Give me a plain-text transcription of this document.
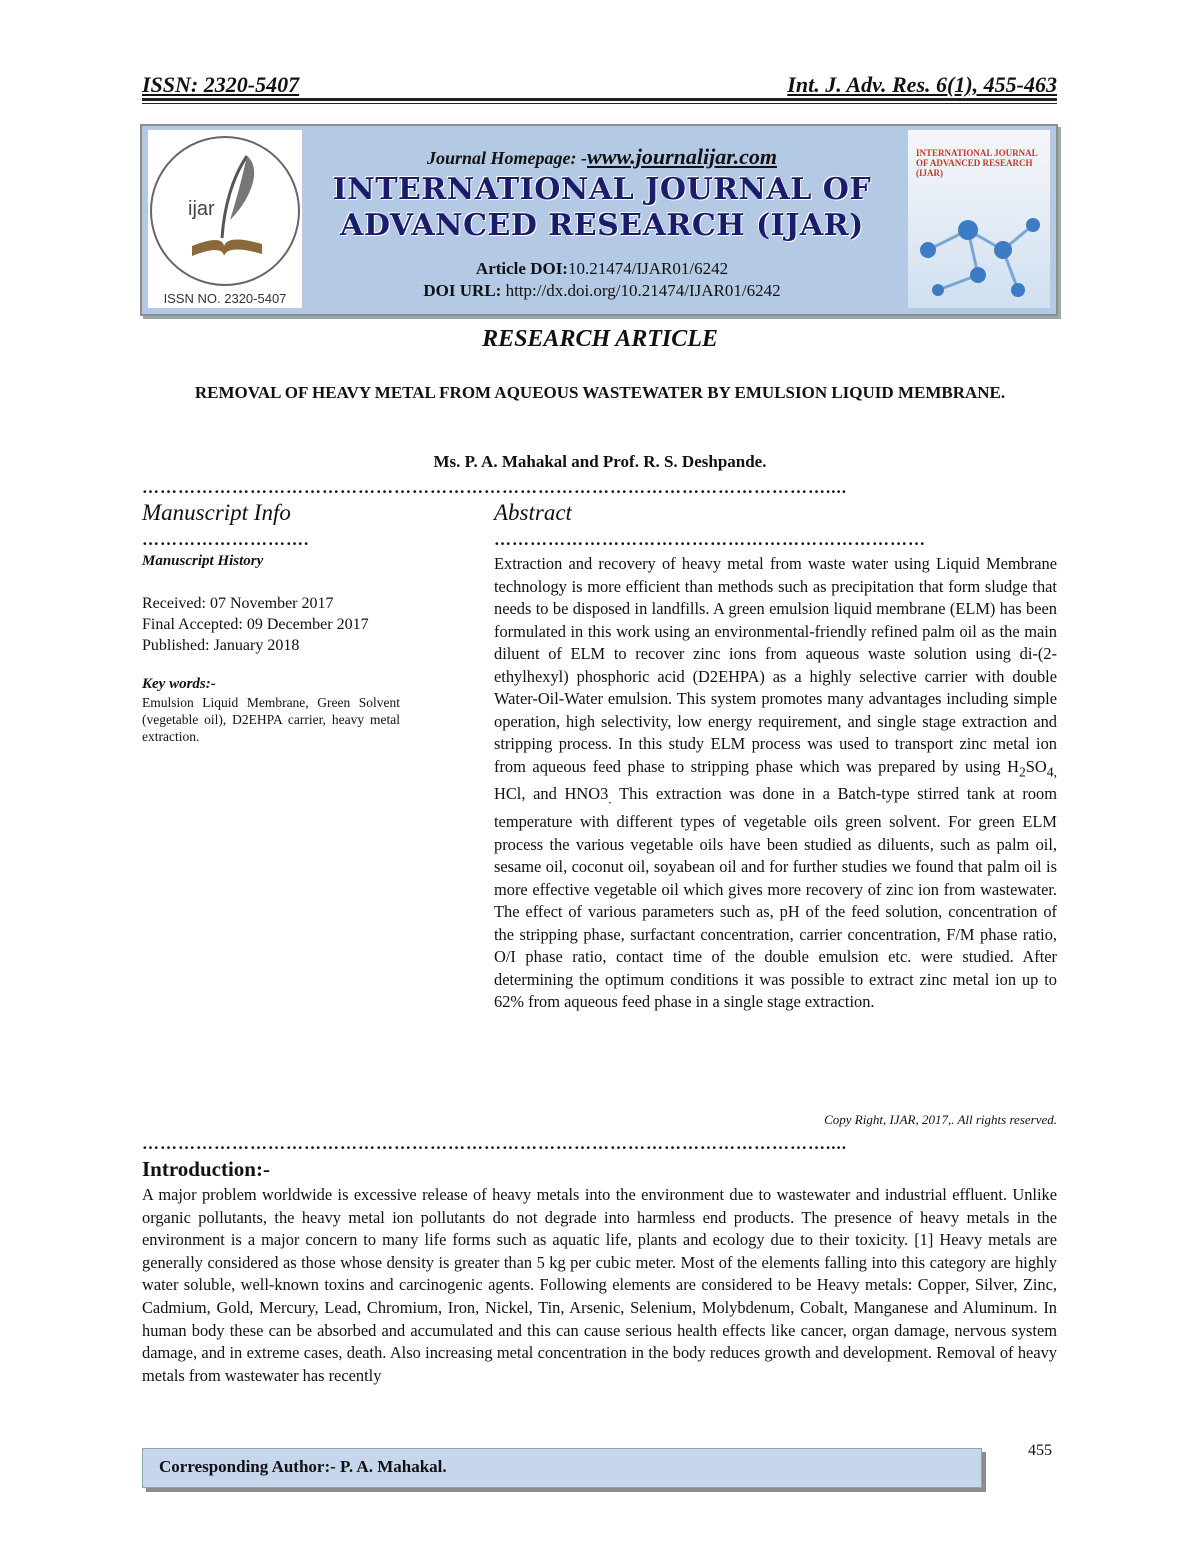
ISSN: 2320-5407	Int. J. Adv. Res. 6(1), 455-463
ijar
ISSN NO. 2320-5407
Journal Homepage: -www.journalijar.com
INTERNATIONAL JOURNAL OF
ADVANCED RESEARCH (IJAR)
Article DOI:10.21474/IJAR01/6242
DOI URL: http://dx.doi.org/10.21474/IJAR01/6242
INTERNATIONAL JOURNAL OF ADVANCED RESEARCH (IJAR)
RESEARCH ARTICLE
REMOVAL OF HEAVY METAL FROM AQUEOUS WASTEWATER BY EMULSION LIQUID MEMBRANE.
Ms. P. A. Mahakal and Prof. R. S. Deshpande.
……………………………………………………………………………………………………....
Manuscript Info	Abstract
……………………….	………………………………………………………………
Manuscript History
Received: 07 November 2017
Final Accepted: 09 December 2017
Published: January 2018
Key words:-
Emulsion Liquid Membrane, Green Solvent (vegetable oil), D2EHPA carrier, heavy metal extraction.
Extraction and recovery of heavy metal from waste water using Liquid Membrane technology is more efficient than methods such as precipitation that form sludge that needs to be disposed in landfills. A green emulsion liquid membrane (ELM) has been formulated in this work using an environmental-friendly refined palm oil as the main diluent of ELM to recover zinc ions from aqueous waste solution using di-(2-ethylhexyl) phosphoric acid (D2EHPA) as a highly selective carrier with double Water-Oil-Water emulsion. This system promotes many advantages including simple operation, high selectivity, low energy requirement, and single stage extraction and stripping process. In this study ELM process was used to transport zinc metal ion from aqueous feed phase to stripping phase which was prepared by using $H_2SO_{4,}$ HCl, and $HNO3_.$ This extraction was done in a Batch-type stirred tank at room temperature with different types of vegetable oils green solvent. For green ELM process the various vegetable oils have been studied as diluents, such as palm oil, sesame oil, coconut oil, soyabean oil and for further studies we found that palm oil is more effective vegetable oil which gives more recovery of zinc ion from wastewater. The effect of various parameters such as, pH of the feed solution, concentration of the stripping phase, surfactant concentration, carrier concentration, F/M phase ratio, O/I phase ratio, contact time of the double emulsion etc. were studied. After determining the optimum conditions it was possible to extract zinc metal ion up to 62% from aqueous feed phase in a single stage extraction.
Copy Right, IJAR, 2017,. All rights reserved.
……………………………………………………………………………………………………....
Introduction:-
A major problem worldwide is excessive release of heavy metals into the environment due to wastewater and industrial effluent. Unlike organic pollutants, the heavy metal ion pollutants do not degrade into harmless end products. The presence of heavy metals in the environment is a major concern to many life forms such as aquatic life, plants and ecology due to their toxicity. [1] Heavy metals are generally considered as those whose density is greater than 5 kg per cubic meter. Most of the elements falling into this category are highly water soluble, well-known toxins and carcinogenic agents. Following elements are considered to be Heavy metals: Copper, Silver, Zinc, Cadmium, Gold, Mercury, Lead, Chromium, Iron, Nickel, Tin, Arsenic, Selenium, Molybdenum, Cobalt, Manganese and Aluminum. In human body these can be absorbed and accumulated and this can cause serious health effects like cancer, organ damage, nervous system damage, and in extreme cases, death. Also increasing metal concentration in the body reduces growth and development. Removal of heavy metals from wastewater has recently
455
Corresponding Author:- P. A. Mahakal.
